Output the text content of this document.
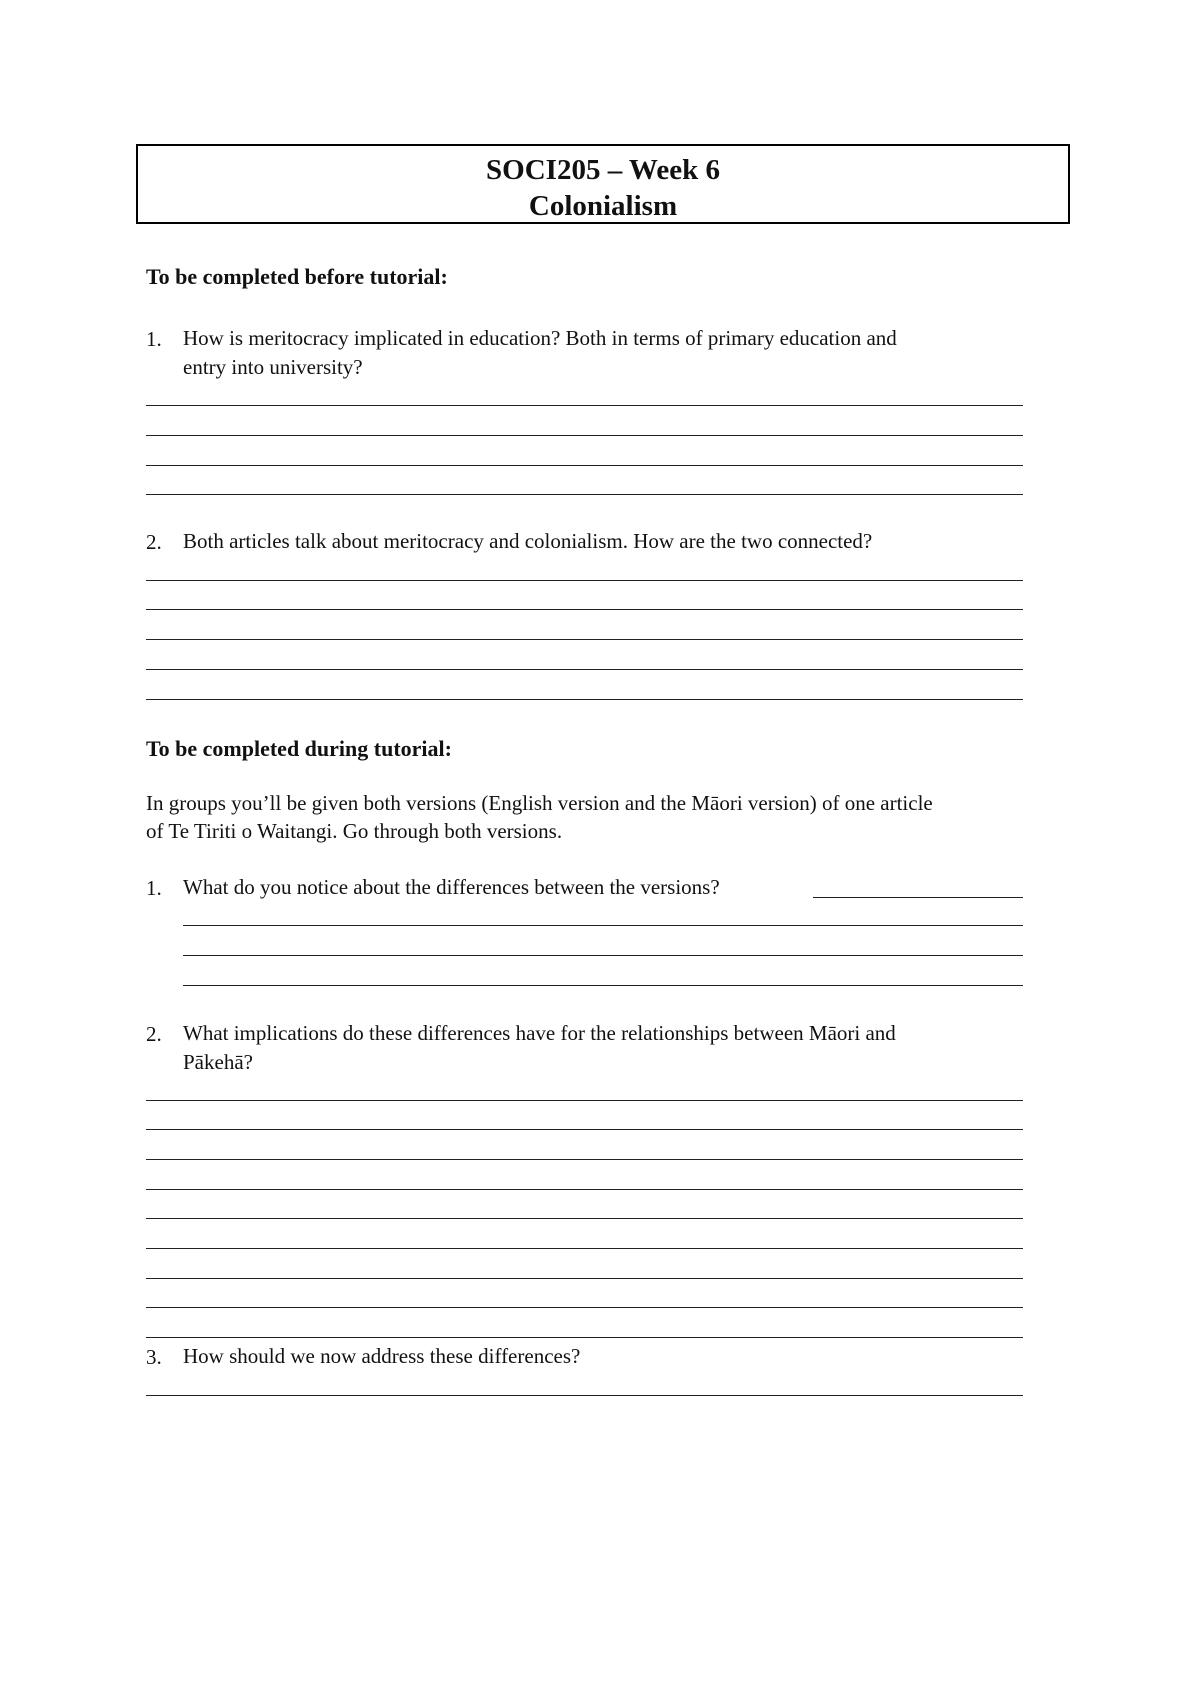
SOCI205 – Week 6
Colonialism
To be completed before tutorial:
1. How is meritocracy implicated in education? Both in terms of primary education and
entry into university?
2. Both articles talk about meritocracy and colonialism. How are the two connected?
To be completed during tutorial:
In groups you’ll be given both versions (English version and the Māori version) of one article
of Te Tiriti o Waitangi. Go through both versions.
1. What do you notice about the differences between the versions?
2. What implications do these differences have for the relationships between Māori and
Pākehā?
3. How should we now address these differences?
